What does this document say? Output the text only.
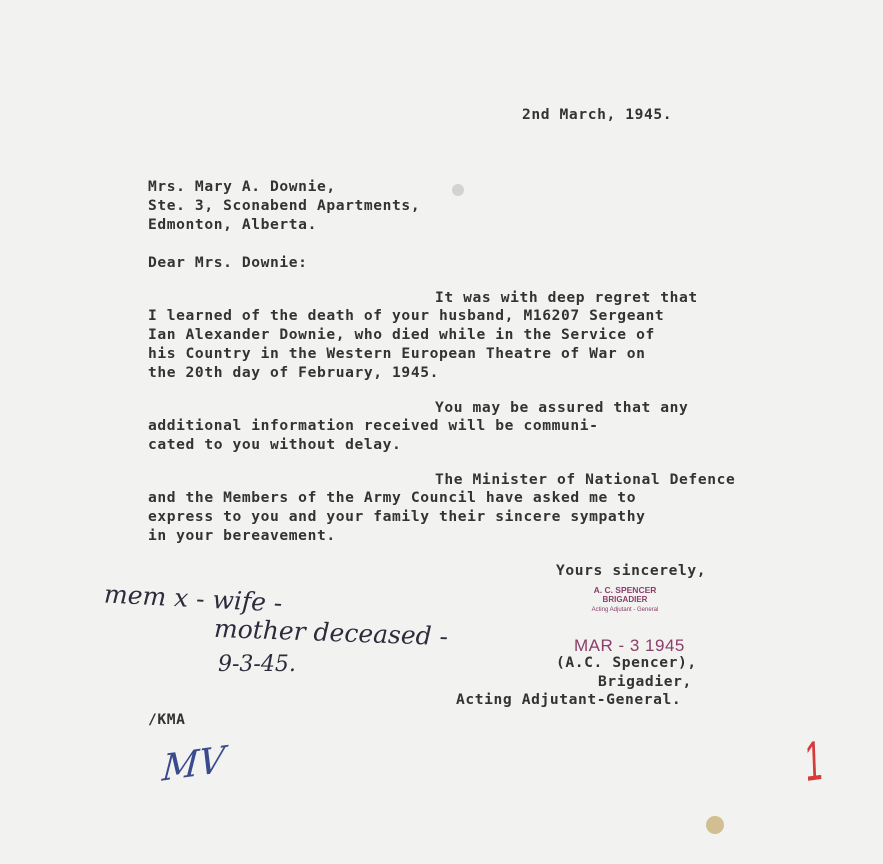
2nd March, 1945.

Mrs. Mary A. Downie,

Ste. 3, Sconabend Apartments,

Edmonton, Alberta.

Dear Mrs. Downie:

It was with deep regret that

I learned of the death of your husband, M16207 Sergeant

Ian Alexander Downie, who died while in the Service of

his Country in the Western European Theatre of War on

the 20th day of February, 1945.

You may be assured that any

additional information received will be communi-

cated to you without delay.

The Minister of National Defence

and the Members of the Army Council have asked me to

express to you and your family their sincere sympathy

in your bereavement.

Yours sincerely,

A. C. SPENCER
BRIGADIER
Acting Adjutant - General
MAR - 3 1945

(A.C. Spencer),

Brigadier,

Acting Adjutant-General.

/KMA

mem x - wife -

mother deceased -

9-3-45.

MV	1
